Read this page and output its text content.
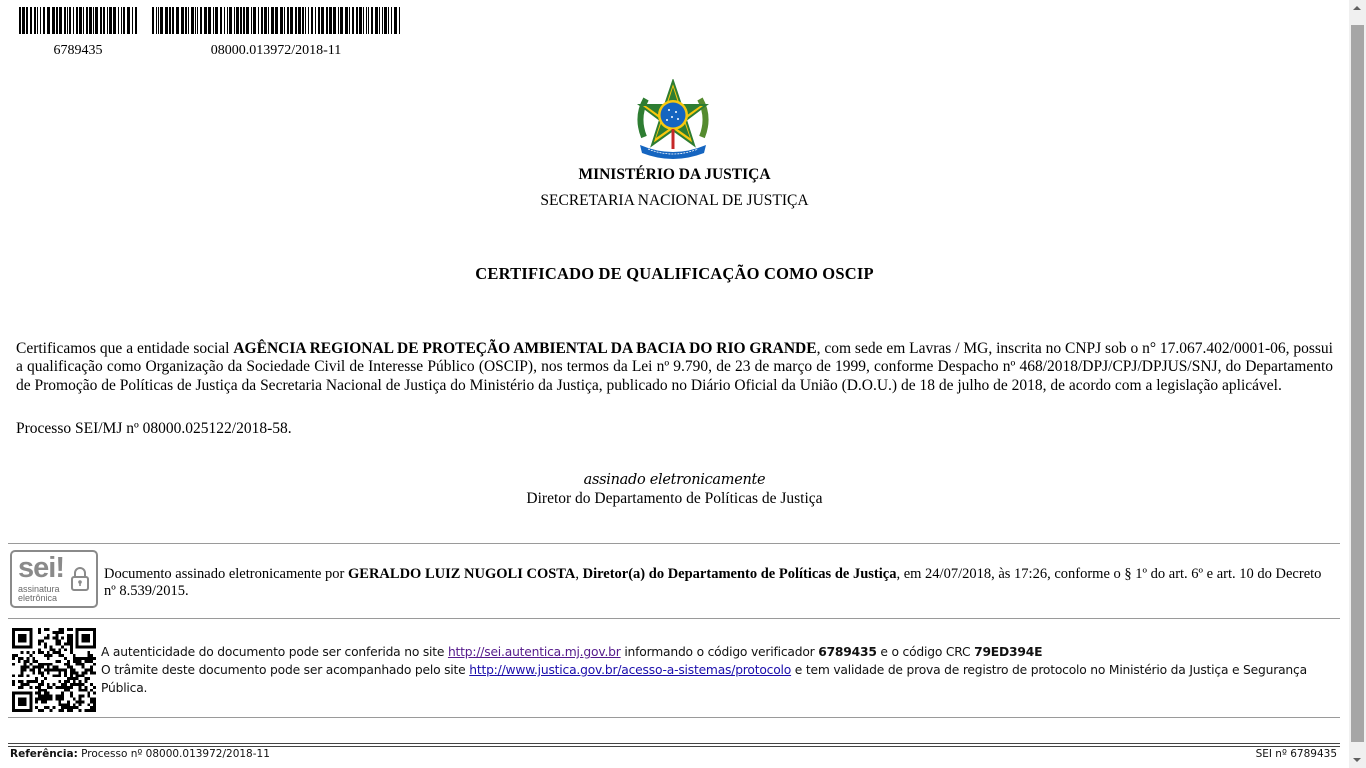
6789435	08000.013972/2018-11
MINISTÉRIO DA JUSTIÇA
SECRETARIA NACIONAL DE JUSTIÇA
CERTIFICADO DE QUALIFICAÇÃO COMO OSCIP
Certificamos que a entidade social AGÊNCIA REGIONAL DE PROTEÇÃO AMBIENTAL DA BACIA DO RIO GRANDE, com sede em Lavras / MG, inscrita no CNPJ sob o n° 17.067.402/0001-06, possui a qualificação como Organização da Sociedade Civil de Interesse Público (OSCIP), nos termos da Lei nº 9.790, de 23 de março de 1999, conforme Despacho nº 468/2018/DPJ/CPJ/DPJUS/SNJ, do Departamento de Promoção de Políticas de Justiça da Secretaria Nacional de Justiça do Ministério da Justiça, publicado no Diário Oficial da União (D.O.U.) de 18 de julho de 2018, de acordo com a legislação aplicável.
Processo SEI/MJ nº 08000.025122/2018-58.
assinado eletronicamente
Diretor do Departamento de Políticas de Justiça
sei!
assinatura
eletrônica
Documento assinado eletronicamente por GERALDO LUIZ NUGOLI COSTA, Diretor(a) do Departamento de Políticas de Justiça, em 24/07/2018, às 17:26, conforme o § 1º do art. 6º e art. 10 do Decreto nº 8.539/2015.
A autenticidade do documento pode ser conferida no site http://sei.autentica.mj.gov.br informando o código verificador 6789435 e o código CRC 79ED394E
O trâmite deste documento pode ser acompanhado pelo site http://www.justica.gov.br/acesso-a-sistemas/protocolo e tem validade de prova de registro de protocolo no Ministério da Justiça e Segurança Pública.
Referência: Processo nº 08000.013972/2018-11	SEI nº 6789435
